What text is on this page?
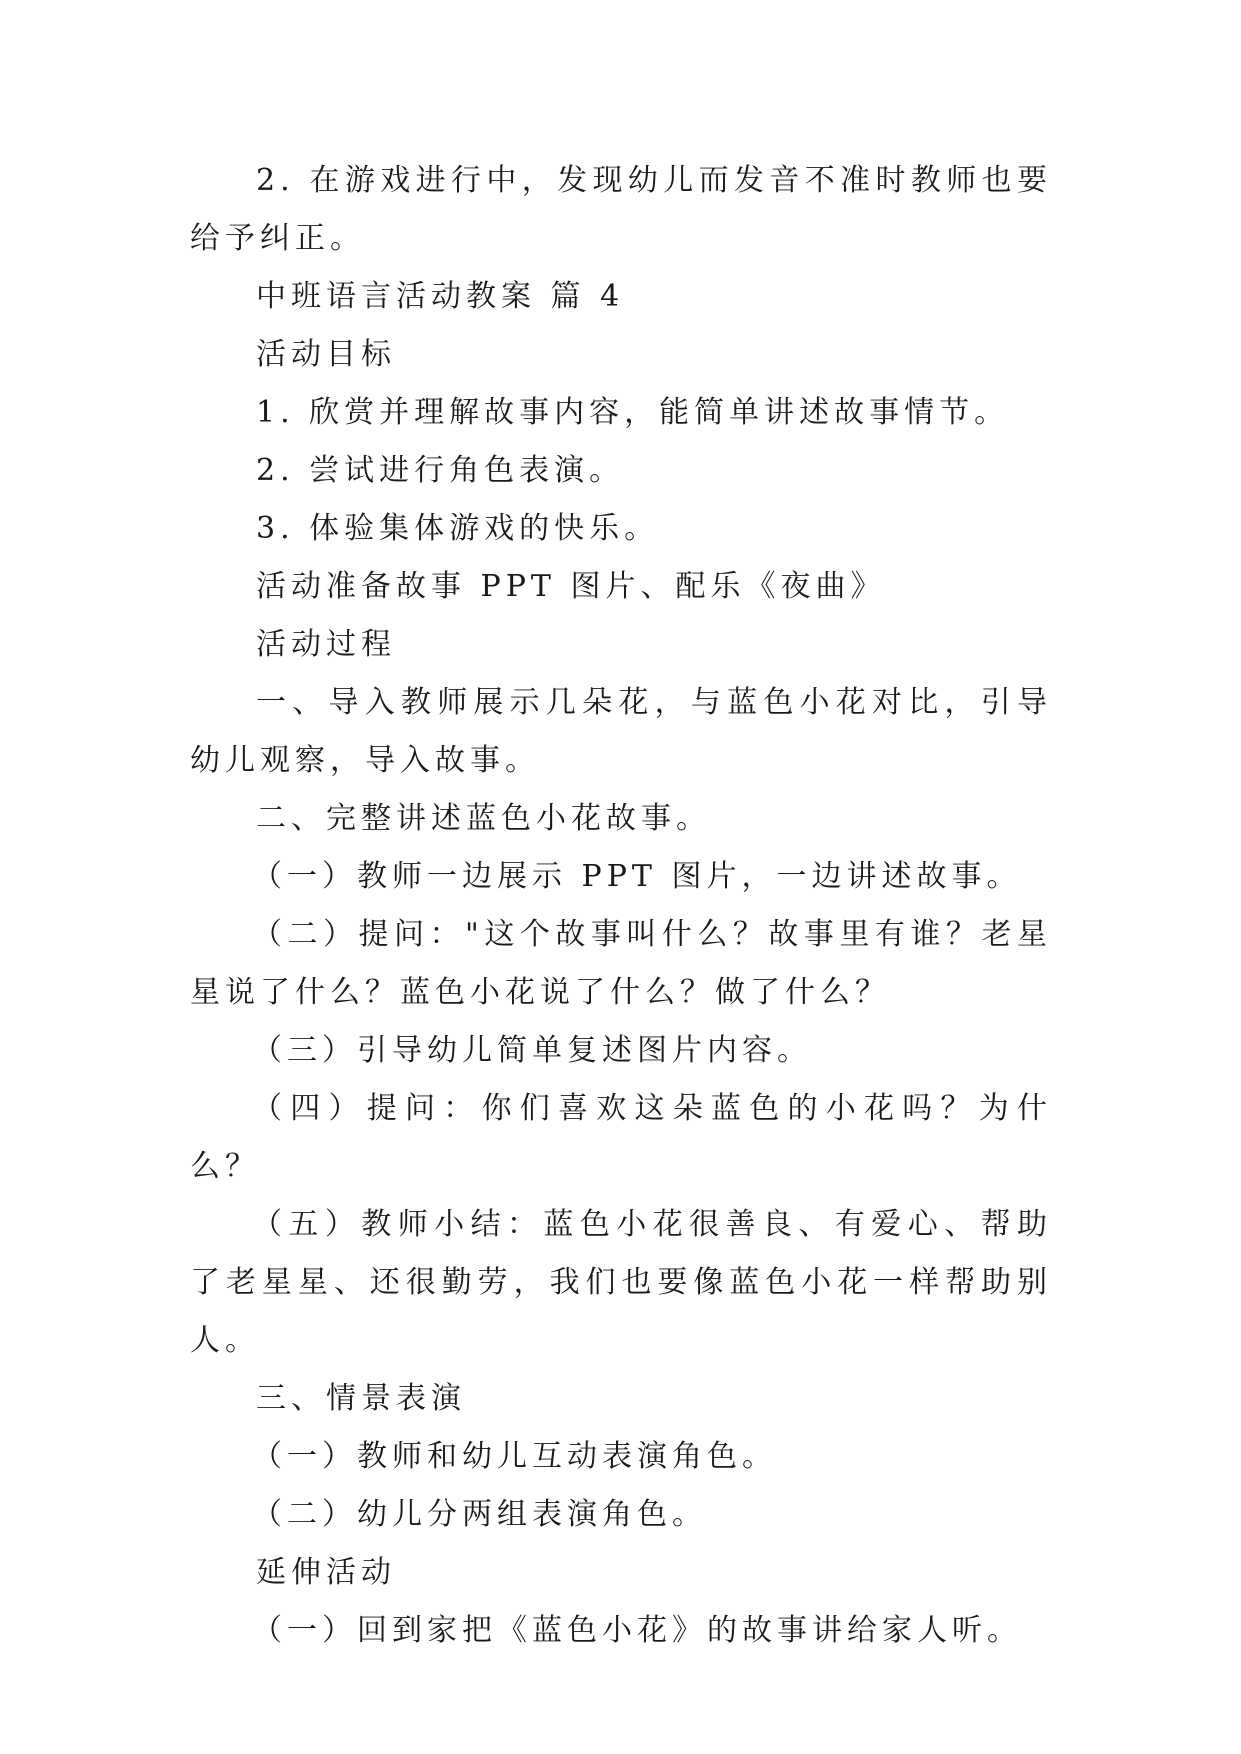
2. 在游戏进行中，发现幼儿而发音不准时教师也要给予纠正。

中班语言活动教案 篇 4

活动目标

1. 欣赏并理解故事内容，能简单讲述故事情节。

2. 尝试进行角色表演。

3. 体验集体游戏的快乐。

活动准备故事 PPT 图片、配乐《夜曲》

活动过程

一、导入教师展示几朵花，与蓝色小花对比，引导幼儿观察，导入故事。

二、完整讲述蓝色小花故事。

（一）教师一边展示 PPT 图片，一边讲述故事。

（二）提问："这个故事叫什么？故事里有谁？老星星说了什么？蓝色小花说了什么？做了什么？

（三）引导幼儿简单复述图片内容。

（四）提问：你们喜欢这朵蓝色的小花吗？为什么？

（五）教师小结：蓝色小花很善良、有爱心、帮助了老星星、还很勤劳，我们也要像蓝色小花一样帮助别人。

三、情景表演

（一）教师和幼儿互动表演角色。

（二）幼儿分两组表演角色。

延伸活动

（一）回到家把《蓝色小花》的故事讲给家人听。
